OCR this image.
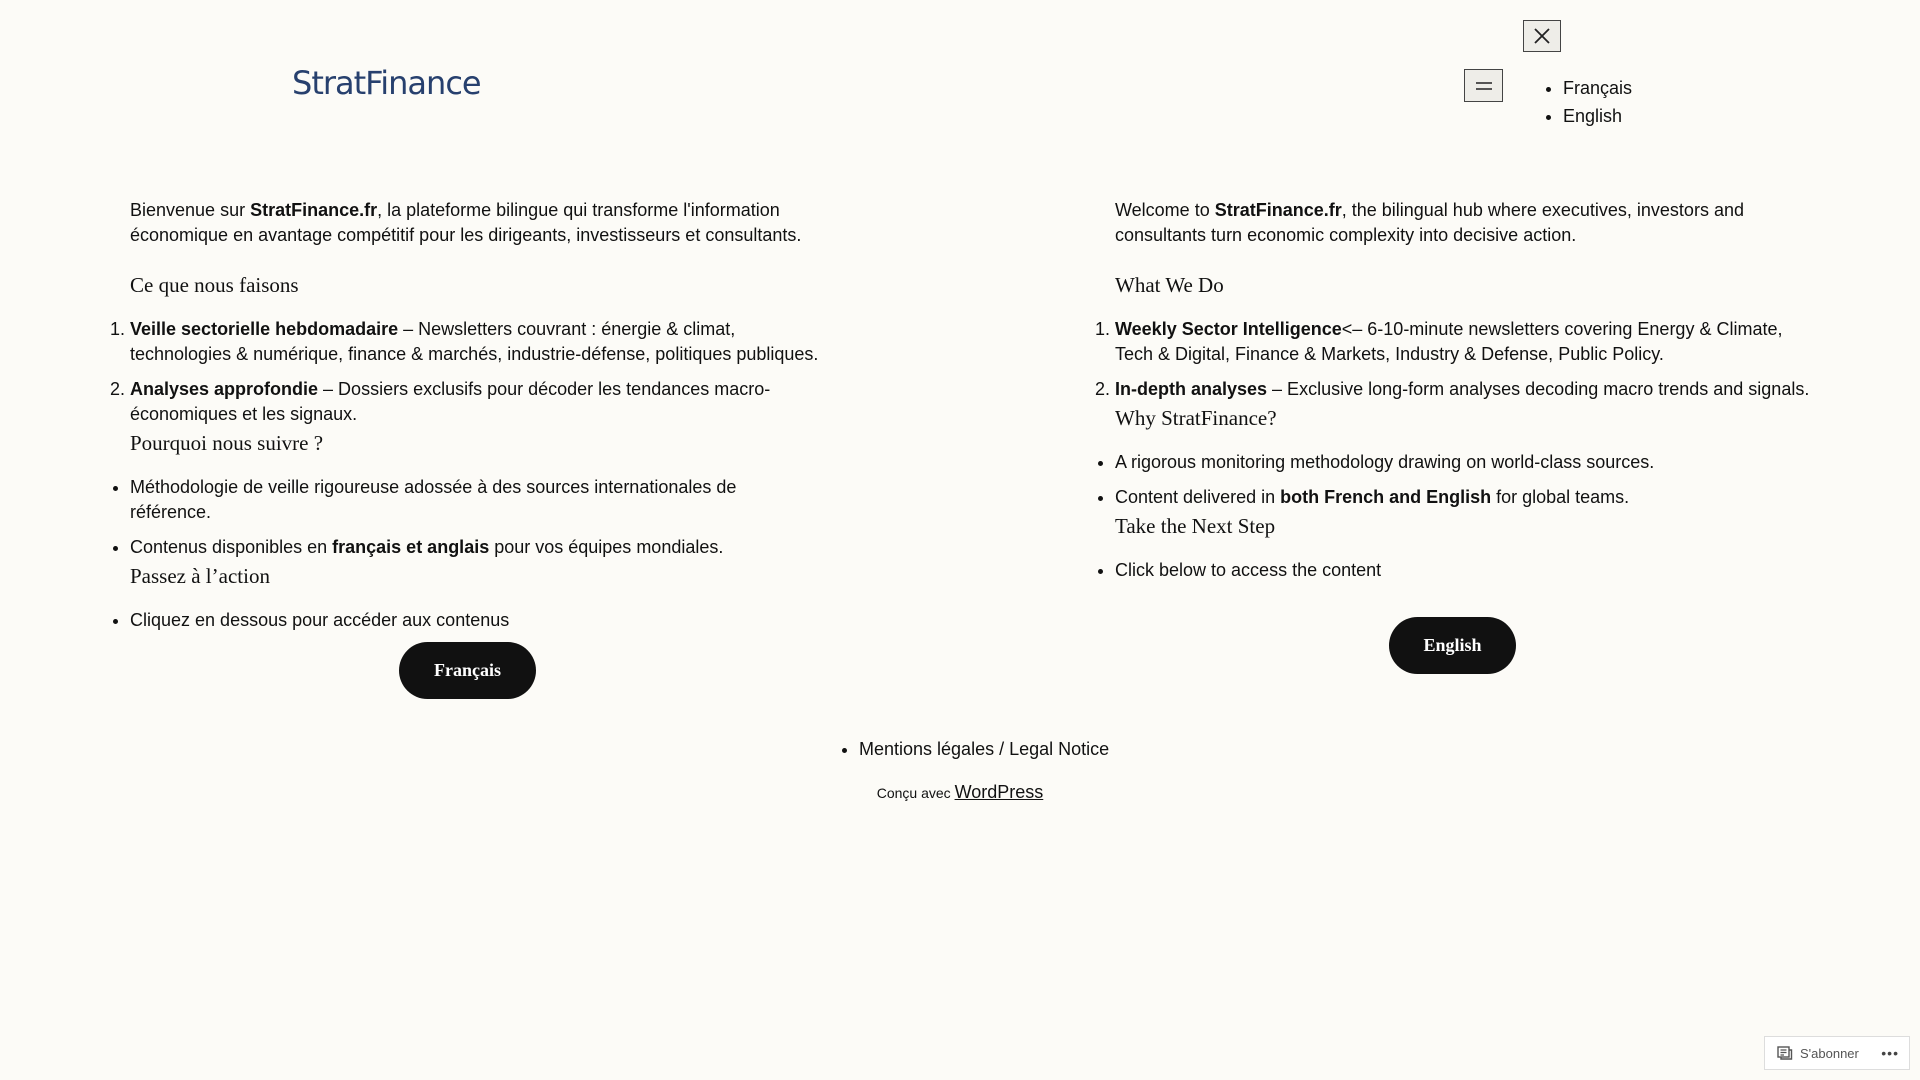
StratFinance
•	Français
• English

Bienvenue sur StratFinance.fr, la plateforme bilingue qui transforme l'information économique en avantage compétitif pour les dirigeants, investisseurs et consultants.

Ce que nous faisons
1. Veille sectorielle hebdomadaire – Newsletters couvrant : énergie & climat, technologies & numérique, finance & marchés, industrie-défense, politiques publiques.
2. Analyses approfondie – Dossiers exclusifs pour décoder les tendances macro-économiques et les signaux.
Pourquoi nous suivre ?
• Méthodologie de veille rigoureuse adossée à des sources internationales de référence.
• Contenus disponibles en français et anglais pour vos équipes mondiales.
Passez à l’action
• Cliquez en dessous pour accéder aux contenus
Français

Welcome to StratFinance.fr, the bilingual hub where executives, investors and consultants turn economic complexity into decisive action.

What We Do
1. Weekly Sector Intelligence<– 6-10-minute newsletters covering Energy & Climate, Tech & Digital, Finance & Markets, Industry & Defense, Public Policy.
2. In-depth analyses – Exclusive long-form analyses decoding macro trends and signals.
Why StratFinance?
• A rigorous monitoring methodology drawing on world-class sources.
• Content delivered in both French and English for global teams.
Take the Next Step
• Click below to access the content
English
• Mentions légales / Legal Notice
Conçu avec WordPress
S'abonner •••
